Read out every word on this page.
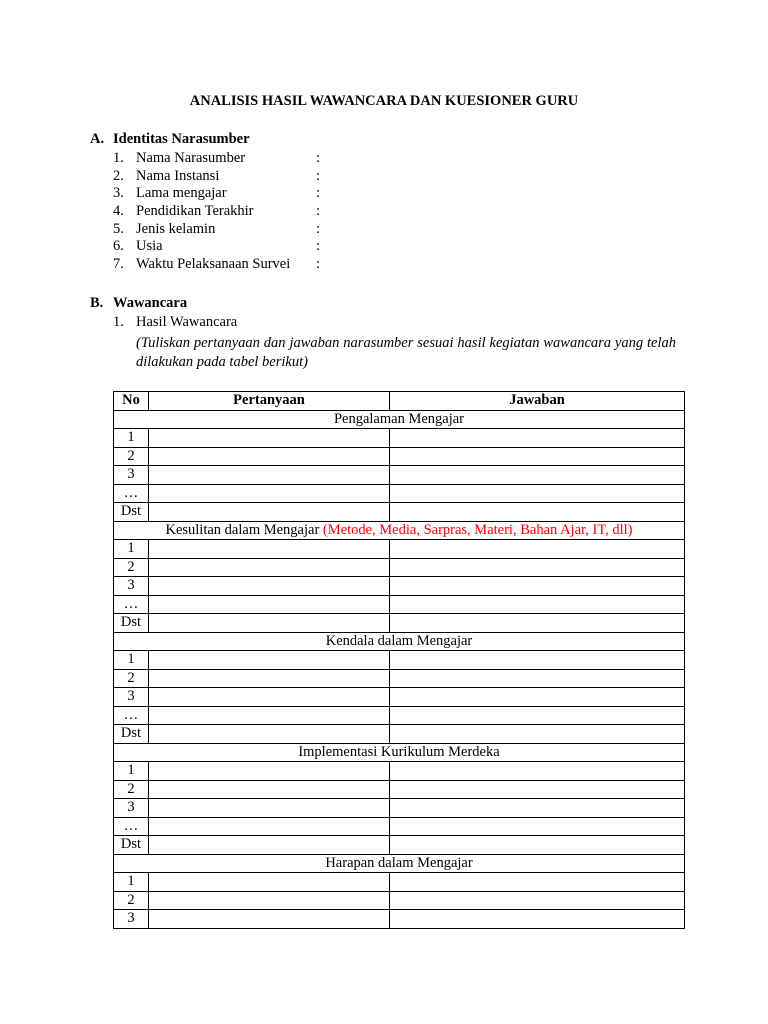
ANALISIS HASIL WAWANCARA DAN KUESIONER GURU
A. Identitas Narasumber
1. Nama Narasumber	:
2. Nama Instansi	:
3. Lama mengajar	:
4. Pendidikan Terakhir	:
5. Jenis kelamin	:
6. Usia	:
7. Waktu Pelaksanaan Survei :
B. Wawancara
1. Hasil Wawancara
(Tuliskan pertanyaan dan jawaban narasumber sesuai hasil kegiatan wawancara yang telah dilakukan pada tabel berikut)
No	Pertanyaan	Jawaban
Pengalaman Mengajar		
1		
2		
3		
…		
Dst		
Kesulitan dalam Mengajar (Metode, Media, Sarpras, Materi, Bahan Ajar, IT, dll)		
1		
2		
3		
…		
Dst		
Kendala dalam Mengajar		
1		
2		
3		
…		
Dst		
Implementasi Kurikulum Merdeka		
1		
2		
3		
…		
Dst		
Harapan dalam Mengajar		
1		
2		
3		
